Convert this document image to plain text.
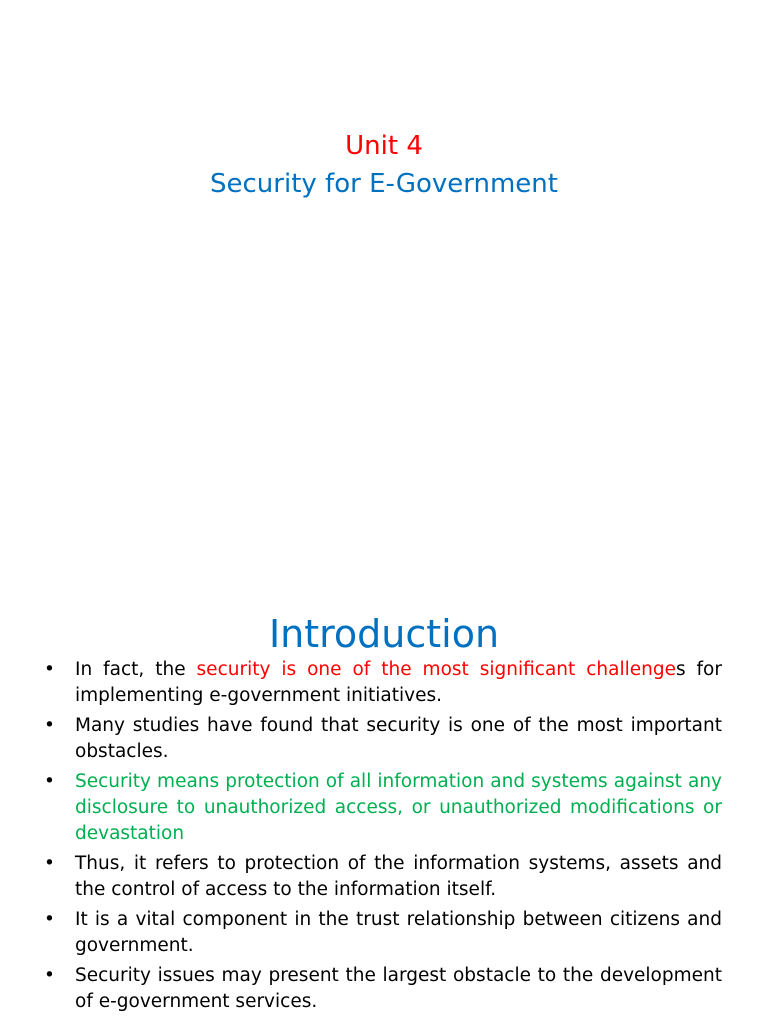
Unit 4
Security for E-Government
Introduction
• In fact, the security is one of the most significant challenges for implementing e-government initiatives.
• Many studies have found that security is one of the most important obstacles.
• Security means protection of all information and systems against any disclosure to unauthorized access, or unauthorized modifications or devastation
• Thus, it refers to protection of the information systems, assets and the control of access to the information itself.
• It is a vital component in the trust relationship between citizens and government.
• Security issues may present the largest obstacle to the development of e-government services.
